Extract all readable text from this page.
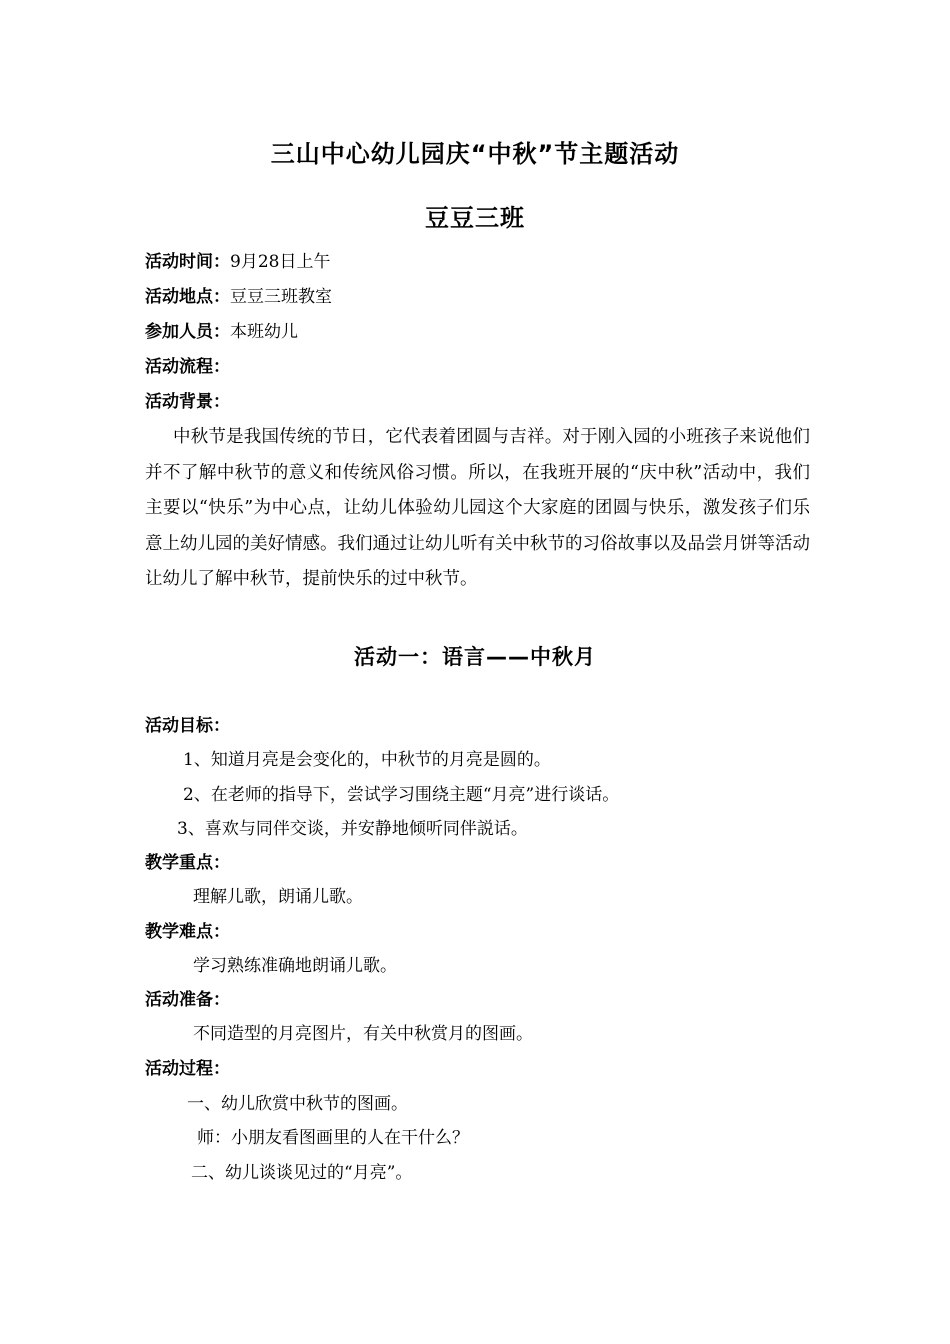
三山中心幼儿园庆“中秋”节主题活动
豆豆三班
活动时间：9月28日上午
活动地点：豆豆三班教室
参加人员：本班幼儿
活动流程：
活动背景：
中秋节是我国传统的节日，它代表着团圆与吉祥。对于刚入园的小班孩子来说他们并不了解中秋节的意义和传统风俗习惯。所以，在我班开展的“庆中秋”活动中，我们主要以“快乐”为中心点，让幼儿体验幼儿园这个大家庭的团圆与快乐，激发孩子们乐意上幼儿园的美好情感。我们通过让幼儿听有关中秋节的习俗故事以及品尝月饼等活动让幼儿了解中秋节，提前快乐的过中秋节。
活动一：语言——中秋月
活动目标：
1、知道月亮是会变化的，中秋节的月亮是圆的。
2、在老师的指导下，尝试学习围绕主题“月亮”进行谈话。
3、喜欢与同伴交谈，并安静地倾听同伴説话。
教学重点：
理解儿歌，朗诵儿歌。
教学难点：
学习熟练准确地朗诵儿歌。
活动准备：
不同造型的月亮图片，有关中秋赏月的图画。
活动过程：
一、幼儿欣赏中秋节的图画。
师：小朋友看图画里的人在干什么？
二、幼儿谈谈见过的“月亮”。
